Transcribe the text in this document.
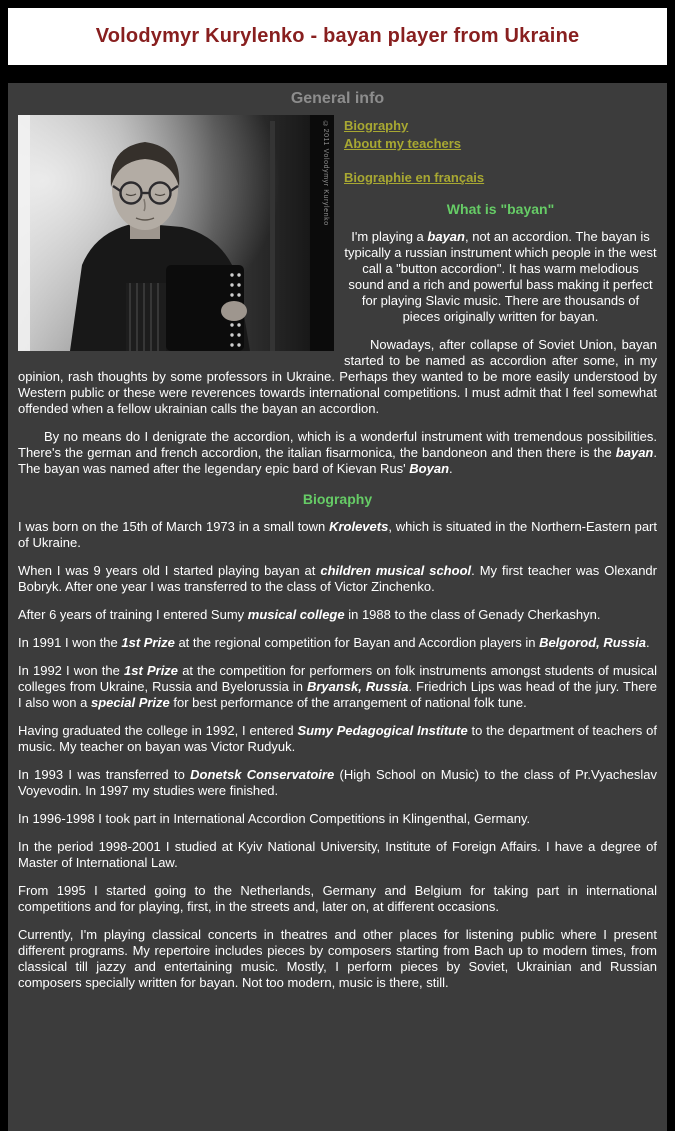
Volodymyr Kurylenko - bayan player from Ukraine
General info
©2011 Volodymyr Kurylenko	Biography
About my teachers
Biographie en français
What is "bayan"

I'm playing a bayan, not an accordion. The bayan is typically a russian instrument which people in the west call a "button accordion". It has warm melodious sound and a rich and powerful bass making it perfect for playing Slavic music. There are thousands of pieces originally written for bayan.

Nowadays, after collapse of Soviet Union, bayan started to be named as accordion after some, in my opinion, rash thoughts by some professors in Ukraine. Perhaps they wanted to be more easily understood by Western public or these were reverences towards international competitions. I must admit that I feel somewhat offended when a fellow ukrainian calls the bayan an accordion.

By no means do I denigrate the accordion, which is a wonderful instrument with tremendous possibilities. There's the german and french accordion, the italian fisarmonica, the bandoneon and then there is the bayan. The bayan was named after the legendary epic bard of Kievan Rus' Boyan.

Biography

I was born on the 15th of March 1973 in a small town Krolevets, which is situated in the Northern-Eastern part of Ukraine.

When I was 9 years old I started playing bayan at children musical school. My first teacher was Olexandr Bobryk. After one year I was transferred to the class of Victor Zinchenko.

After 6 years of training I entered Sumy musical college in 1988 to the class of Genady Cherkashyn.

In 1991 I won the 1st Prize at the regional competition for Bayan and Accordion players in Belgorod, Russia.

In 1992 I won the 1st Prize at the competition for performers on folk instruments amongst students of musical colleges from Ukraine, Russia and Byelorussia in Bryansk, Russia. Friedrich Lips was head of the jury. There I also won a special Prize for best performance of the arrangement of national folk tune.

Having graduated the college in 1992, I entered Sumy Pedagogical Institute to the department of teachers of music. My teacher on bayan was Victor Rudyuk.

In 1993 I was transferred to Donetsk Conservatoire (High School on Music) to the class of Pr.Vyacheslav Voyevodin. In 1997 my studies were finished.

In 1996-1998 I took part in International Accordion Competitions in Klingenthal, Germany.

In the period 1998-2001 I studied at Kyiv National University, Institute of Foreign Affairs. I have a degree of Master of International Law.

From 1995 I started going to the Netherlands, Germany and Belgium for taking part in international competitions and for playing, first, in the streets and, later on, at different occasions.

Currently, I'm playing classical concerts in theatres and other places for listening public where I present different programs. My repertoire includes pieces by composers starting from Bach up to modern times, from classical till jazzy and entertaining music. Mostly, I perform pieces by Soviet, Ukrainian and Russian composers specially written for bayan. Not too modern, music is there, still.
